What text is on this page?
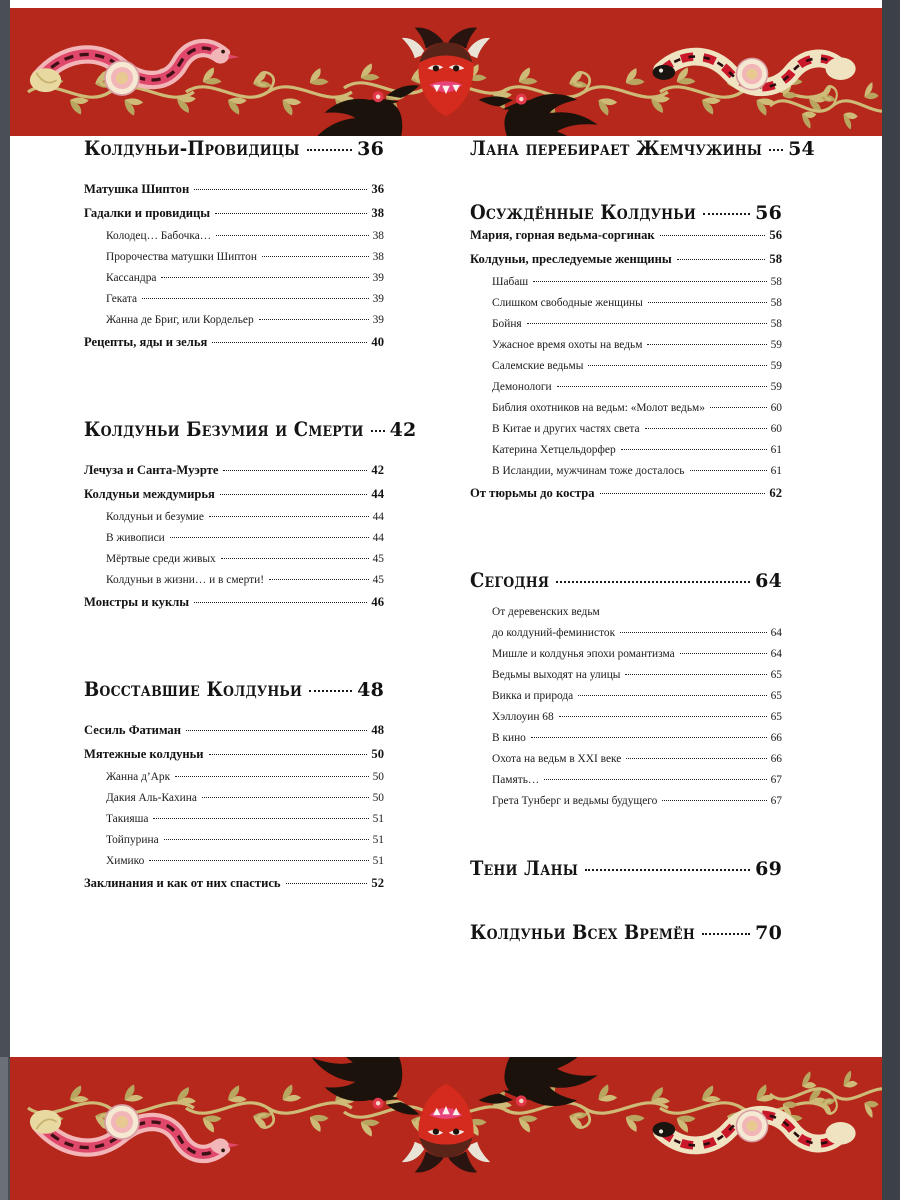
Колдуньи-Провидицы	36
Матушка Шиптон	36
Гадалки и провидицы	38
Колодец… Бабочка…	38
Пророчества матушки Шиптон	38
Кассандра	39
Геката	39
Жанна де Бриг, или Кордельер	39
Рецепты, яды и зелья	40
Колдуньи Безумия и Смерти 42
Лечуза и Санта-Муэрте	42
Колдуньи междумирья	44
Колдуньи и безумие	44
В живописи	44
Мёртвые среди живых	45
Колдуньи в жизни… и в смерти!	45
Монстры и куклы	46
Восставшие Колдуньи	48
Сесиль Фатиман	48
Мятежные колдуньи	50
Жанна д’Арк	50
Дакия Аль-Кахина	50
Такияша	51
Тойпурина	51
Химико	51
Заклинания и как от них спастись	52
Лана перебирает Жемчужины 54
Осуждённые Колдуньи	56
Мария, горная ведьма-соргинак	56
Колдуньи, преследуемые женщины	58
Шабаш	58
Слишком свободные женщины	58
Бойня	58
Ужасное время охоты на ведьм	59
Салемские ведьмы	59
Демонологи	59
Библия охотников на ведьм: «Молот ведьм»	60
В Китае и других частях света	60
Катерина Хетцельдорфер	61
В Исландии, мужчинам тоже досталось	61
От тюрьмы до костра	62
Сегодня	64
От деревенских ведьм
до колдуний-феминисток	64
Мишле и колдунья эпохи романтизма	64
Ведьмы выходят на улицы	65
Викка и природа	65
Хэллоуин 68	65
В кино	66
Охота на ведьм в XXI веке	66
Память…	67
Грета Тунберг и ведьмы будущего	67
Тени Ланы	69
Колдуньи Всех Времён	70
